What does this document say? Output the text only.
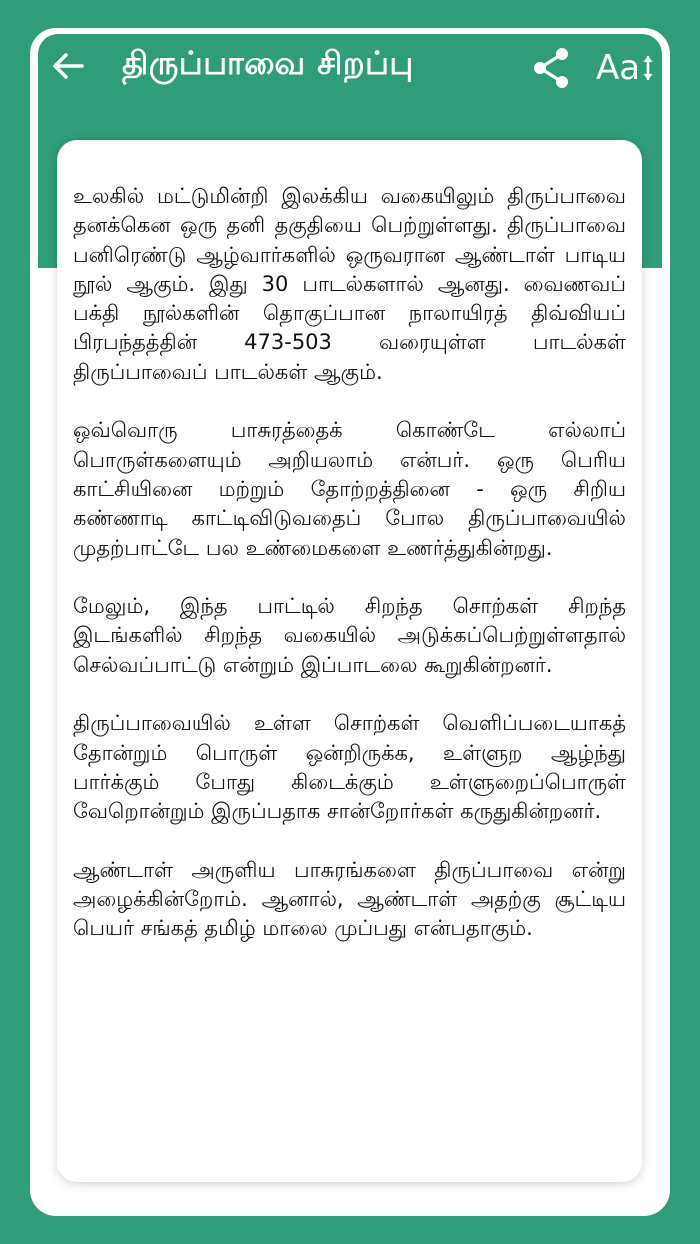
திருப்பாவை சிறப்பு	Aa

உலகில் மட்டுமின்றி இலக்கிய வகையிலும் திருப்பாவை தனக்கென ஒரு தனி தகுதியை பெற்றுள்ளது. திருப்பாவை பனிரெண்டு ஆழ்வார்களில் ஒருவரான ஆண்டாள் பாடிய நூல் ஆகும். இது 30 பாடல்களால் ஆனது. வைணவப் பக்தி நூல்களின் தொகுப்பான நாலாயிரத் திவ்வியப் பிரபந்தத்தின் 473-503 வரையுள்ள பாடல்கள் திருப்பாவைப் பாடல்கள் ஆகும்.

ஒவ்வொரு பாசுரத்தைக் கொண்டே எல்லாப் பொருள்களையும் அறியலாம் என்பர். ஒரு பெரிய காட்சியினை மற்றும் தோற்றத்தினை - ஒரு சிறிய கண்ணாடி காட்டிவிடுவதைப் போல திருப்பாவையில் முதற்பாட்டே பல உண்மைகளை உணர்த்துகின்றது.

மேலும், இந்த பாட்டில் சிறந்த சொற்கள் சிறந்த இடங்களில் சிறந்த வகையில் அடுக்கப்பெற்றுள்ளதால் செல்வப்பாட்டு என்றும் இப்பாடலை கூறுகின்றனர்.

திருப்பாவையில் உள்ள சொற்கள் வெளிப்படையாகத் தோன்றும் பொருள் ஒன்றிருக்க, உள்ளுற ஆழ்ந்து பார்க்கும் போது கிடைக்கும் உள்ளுறைப்பொருள் வேறொன்றும் இருப்பதாக சான்றோர்கள் கருதுகின்றனர்.

ஆண்டாள் அருளிய பாசுரங்களை திருப்பாவை என்று அழைக்கின்றோம். ஆனால், ஆண்டாள் அதற்கு சூட்டிய பெயர் சங்கத் தமிழ் மாலை முப்பது என்பதாகும்.
